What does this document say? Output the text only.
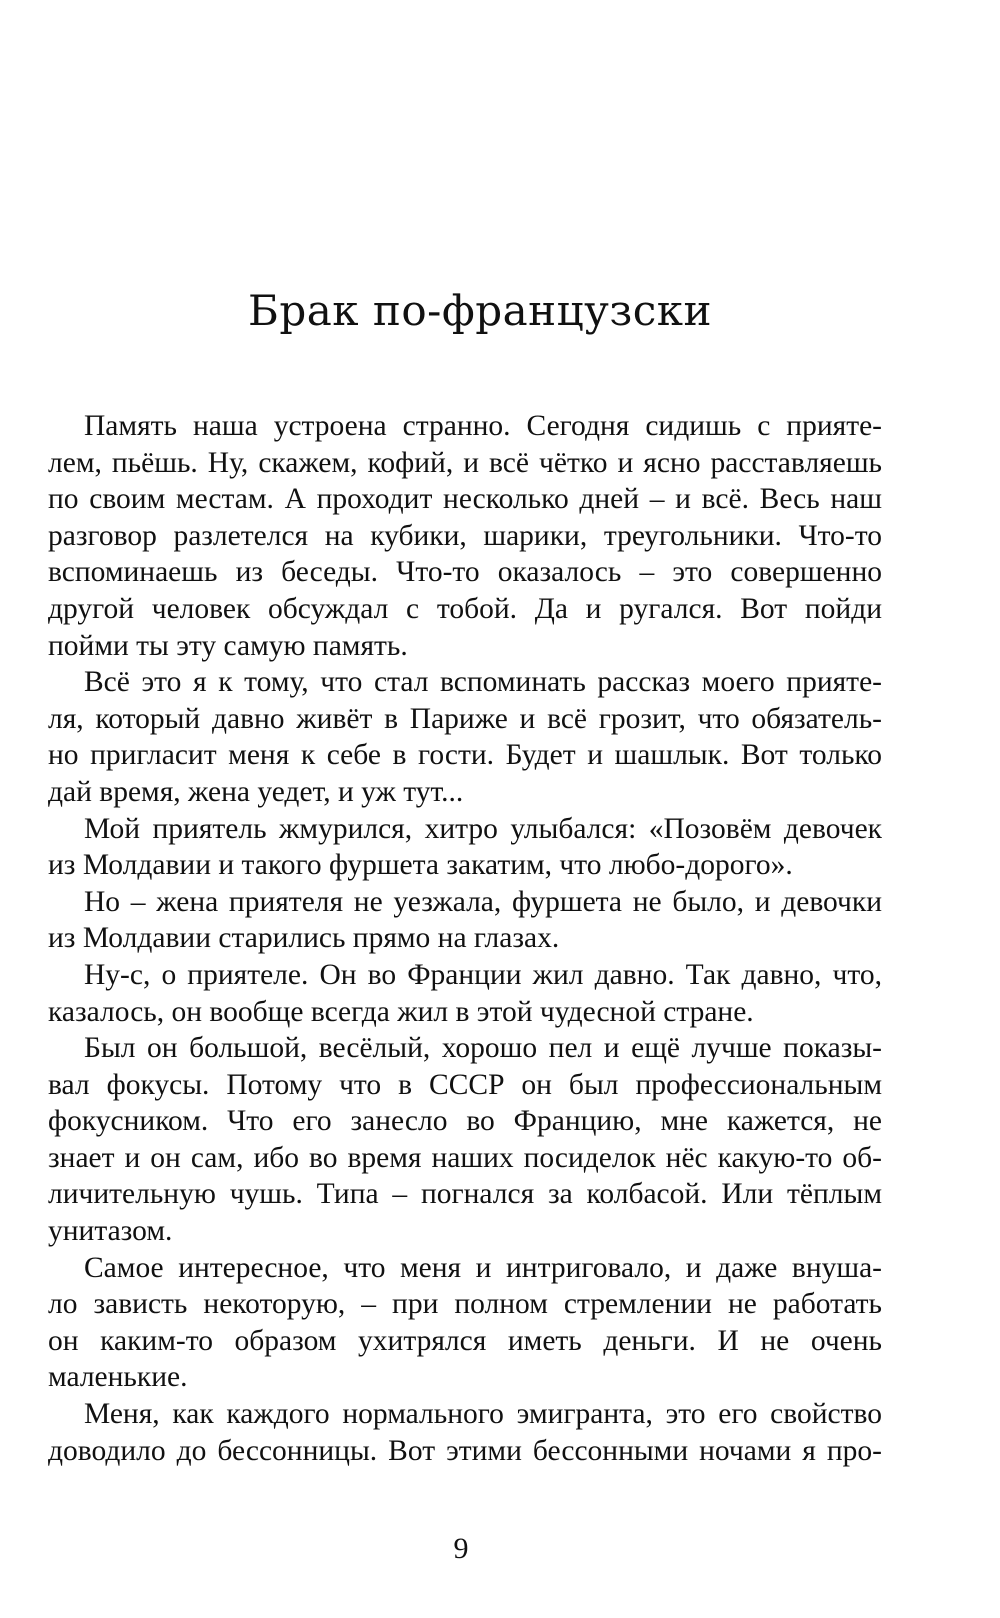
Брак по-французски
Память наша устроена странно. Сегодня сидишь с прияте-
лем, пьёшь. Ну, скажем, кофий, и всё чётко и ясно расставляешь
по своим местам. А проходит несколько дней – и всё. Весь наш
разговор разлетелся на кубики, шарики, треугольники. Что-то
вспоминаешь из беседы. Что-то оказалось – это совершенно
другой человек обсуждал с тобой. Да и ругался. Вот пойди
пойми ты эту самую память.
Всё это я к тому, что стал вспоминать рассказ моего прияте-
ля, который давно живёт в Париже и всё грозит, что обязатель-
но пригласит меня к себе в гости. Будет и шашлык. Вот только
дай время, жена уедет, и уж тут...
Мой приятель жмурился, хитро улыбался: «Позовём девочек
из Молдавии и такого фуршета закатим, что любо-дорого».
Но – жена приятеля не уезжала, фуршета не было, и девочки
из Молдавии старились прямо на глазах.
Ну-с, о приятеле. Он во Франции жил давно. Так давно, что,
казалось, он вообще всегда жил в этой чудесной стране.
Был он большой, весёлый, хорошо пел и ещё лучше показы-
вал фокусы. Потому что в СССР он был профессиональным
фокусником. Что его занесло во Францию, мне кажется, не
знает и он сам, ибо во время наших посиделок нёс какую-то об-
личительную чушь. Типа – погнался за колбасой. Или тёплым
унитазом.
Самое интересное, что меня и интриговало, и даже внуша-
ло зависть некоторую, – при полном стремлении не работать
он каким-то образом ухитрялся иметь деньги. И не очень
маленькие.
Меня, как каждого нормального эмигранта, это его свойство
доводило до бессонницы. Вот этими бессонными ночами я про-
9
